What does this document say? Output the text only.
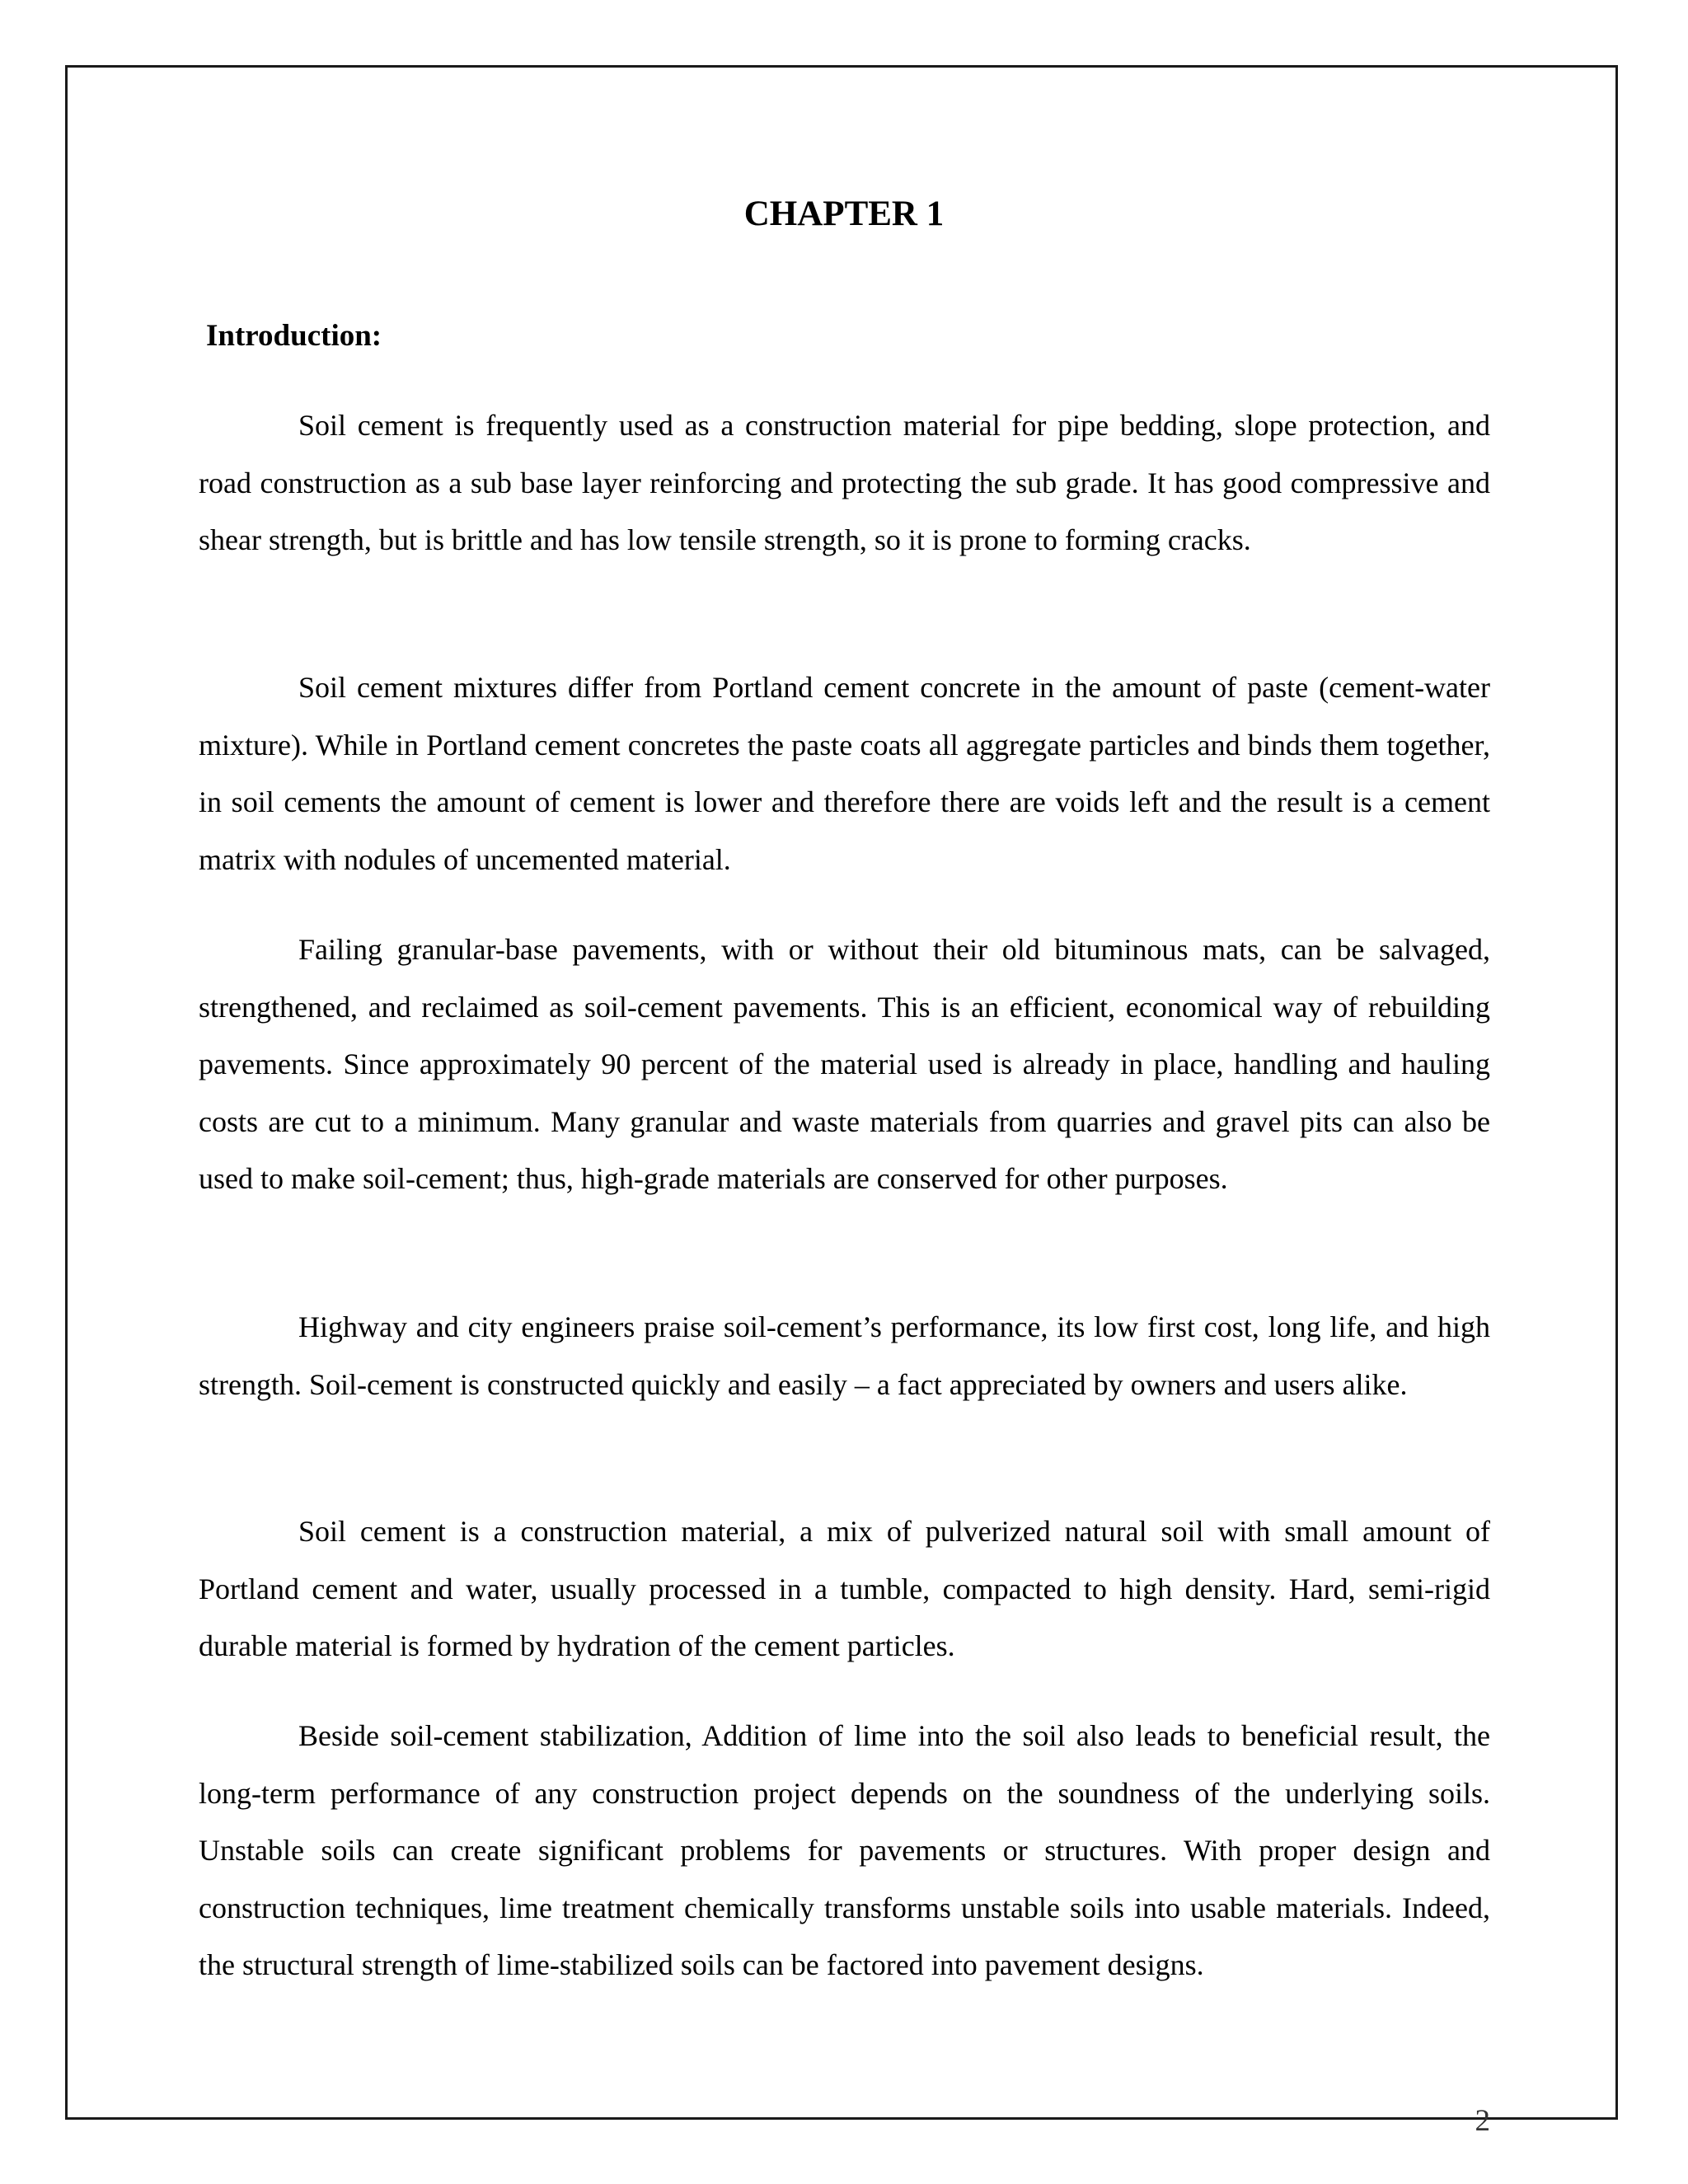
CHAPTER 1
Introduction:

Soil cement is frequently used as a construction material for pipe bedding, slope protection, and road construction as a sub base layer reinforcing and protecting the sub grade. It has good compressive and shear strength, but is brittle and has low tensile strength, so it is prone to forming cracks.

Soil cement mixtures differ from Portland cement concrete in the amount of paste (cement-water mixture). While in Portland cement concretes the paste coats all aggregate particles and binds them together, in soil cements the amount of cement is lower and therefore there are voids left and the result is a cement matrix with nodules of uncemented material.

Failing granular-base pavements, with or without their old bituminous mats, can be salvaged, strengthened, and reclaimed as soil-cement pavements. This is an efficient, economical way of rebuilding pavements. Since approximately 90 percent of the material used is already in place, handling and hauling costs are cut to a minimum. Many granular and waste materials from quarries and gravel pits can also be used to make soil-cement; thus, high-grade materials are conserved for other purposes.

Highway and city engineers praise soil-cement’s performance, its low first cost, long life, and high strength. Soil-cement is constructed quickly and easily – a fact appreciated by owners and users alike.

Soil cement is a construction material, a mix of pulverized natural soil with small amount of Portland cement and water, usually processed in a tumble, compacted to high density. Hard, semi-rigid durable material is formed by hydration of the cement particles.

Beside soil-cement stabilization, Addition of lime into the soil also leads to beneficial result, the long-term performance of any construction project depends on the soundness of the underlying soils. Unstable soils can create significant problems for pavements or structures. With proper design and construction techniques, lime treatment chemically transforms unstable soils into usable materials. Indeed, the structural strength of lime-stabilized soils can be factored into pavement designs.

2
